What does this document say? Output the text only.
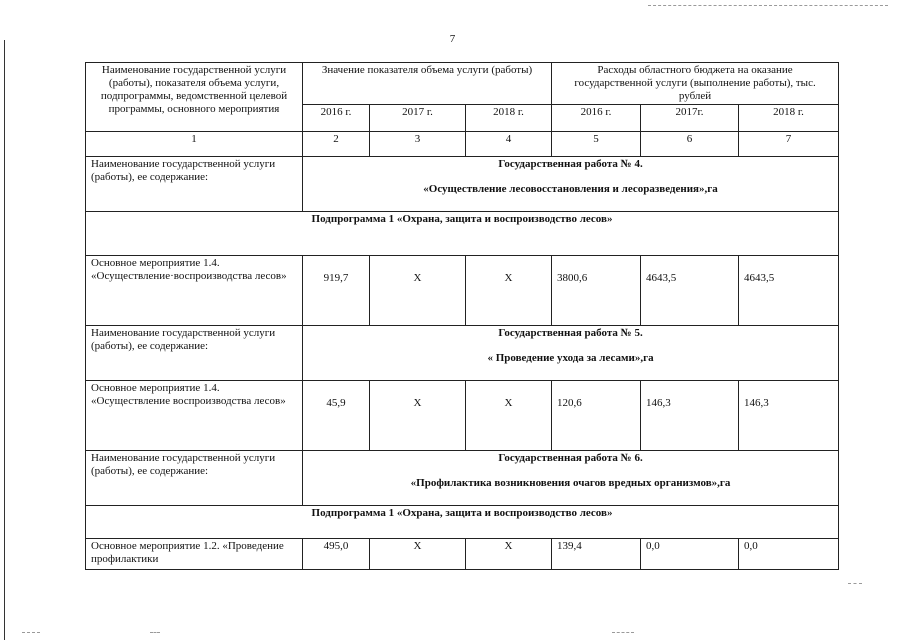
7
Наименование государственной услуги (работы), показателя объема услуги, подпрограммы, ведомственной целевой программы, основного мероприятия	Значение показателя объема услуги (работы)			Расходы областного бюджета на оказание государственной услуги (выполнение работы), тыс. рублей		
	2016 г.	2017 г.	2018 г.	2016 г.	2017г.	2018 г.
1	2	3	4	5	6	7
Наименование государственной услуги (работы), ее содержание:	Государственная работа № 4.
«Осуществление лесовосстановления и лесоразведения»,га					

Подпрограмма 1 «Охрана, защита и воспроизводство лесов»						
Основное мероприятие 1.4. «Осуществление·воспроизводства лесов»	919,7	Х	Х	3800,6	4643,5	4643,5
Наименование государственной услуги (работы), ее содержание:	Государственная работа № 5.
« Проведение ухода за лесами»,га					

Основное мероприятие 1.4. «Осуществление воспроизводства лесов»	45,9	Х	Х	120,6	146,3	146,3
Наименование государственной услуги (работы), ее содержание:	Государственная работа № 6.
«Профилактика возникновения очагов вредных организмов»,га					

Подпрограмма 1 «Охрана, защита и воспроизводство лесов»						
Основное мероприятие 1.2. «Проведение профилактики	495,0	Х	Х	139,4	0,0	0,0
